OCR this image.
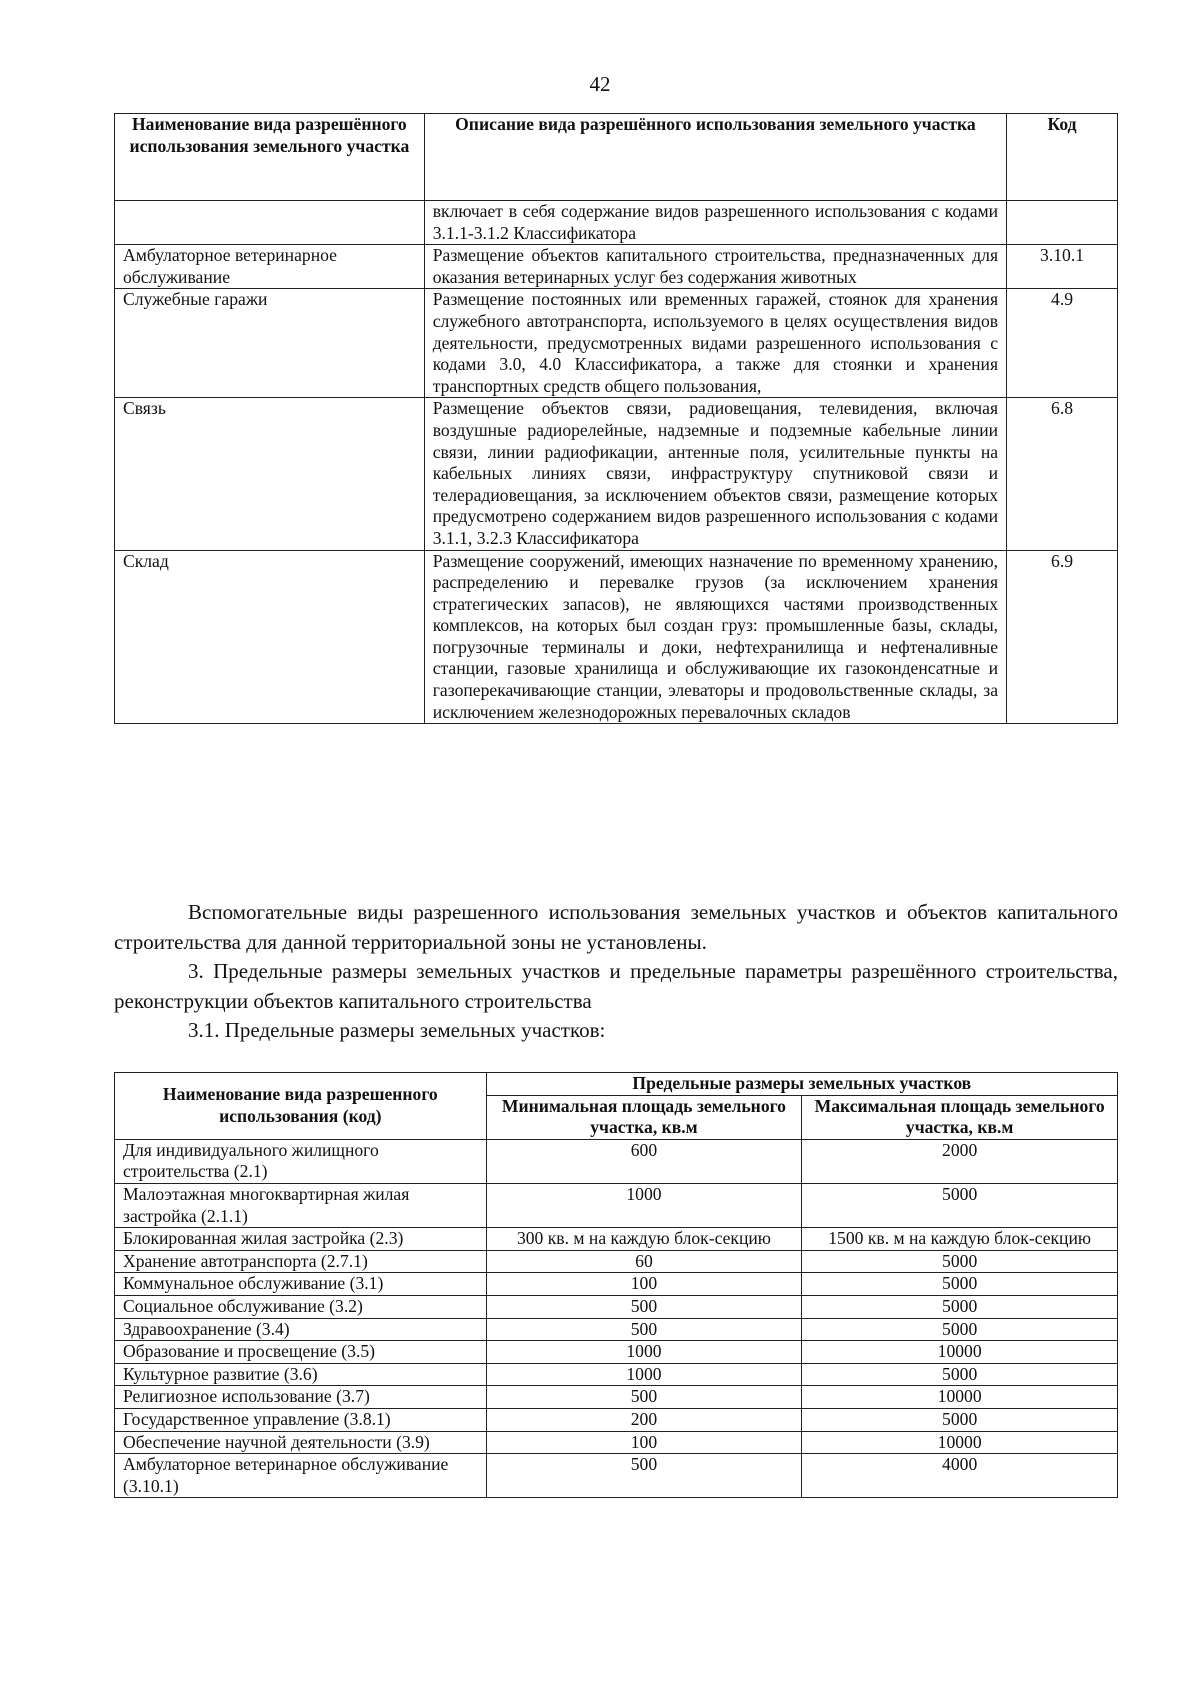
42
Наименование вида разрешённого использования земельного участка	Описание вида разрешённого использования земельного участка	Код
	включает в себя содержание видов разрешенного использования с кодами 3.1.1-3.1.2 Классификатора	
Амбулаторное ветеринарное обслуживание	Размещение объектов капитального строительства, предназначенных для оказания ветеринарных услуг без содержания животных	3.10.1
Служебные гаражи	Размещение постоянных или временных гаражей, стоянок для хранения служебного автотранспорта, используемого в целях осуществления видов деятельности, предусмотренных видами разрешенного использования с кодами 3.0, 4.0 Классификатора, а также для стоянки и хранения транспортных средств общего пользования,	4.9
Связь	Размещение объектов связи, радиовещания, телевидения, включая воздушные радиорелейные, надземные и подземные кабельные линии связи, линии радиофикации, антенные поля, усилительные пункты на кабельных линиях связи, инфраструктуру спутниковой связи и телерадиовещания, за исключением объектов связи, размещение которых предусмотрено содержанием видов разрешенного использования с кодами 3.1.1, 3.2.3 Классификатора	6.8
Склад	Размещение сооружений, имеющих назначение по временному хранению, распределению и перевалке грузов (за исключением хранения стратегических запасов), не являющихся частями производственных комплексов, на которых был создан груз: промышленные базы, склады, погрузочные терминалы и доки, нефтехранилища и нефтеналивные станции, газовые хранилища и обслуживающие их газоконденсатные и газоперекачивающие станции, элеваторы и продовольственные склады, за исключением железнодорожных перевалочных складов	6.9

Вспомогательные виды разрешенного использования земельных участков и объектов капитального строительства для данной территориальной зоны не установлены.

3. Предельные размеры земельных участков и предельные параметры разрешённого строительства, реконструкции объектов капитального строительства

3.1. Предельные размеры земельных участков:

Наименование вида разрешенного использования (код)	Предельные размеры земельных участков	
	Минимальная площадь земельного участка, кв.м	Максимальная площадь земельного участка, кв.м
Для индивидуального жилищного строительства (2.1)	600	2000
Малоэтажная многоквартирная жилая застройка (2.1.1)	1000	5000
Блокированная жилая застройка (2.3)	300 кв. м на каждую блок-секцию	1500 кв. м на каждую блок-секцию
Хранение автотранспорта (2.7.1)	60	5000
Коммунальное обслуживание (3.1)	100	5000
Социальное обслуживание (3.2)	500	5000
Здравоохранение (3.4)	500	5000
Образование и просвещение (3.5)	1000	10000
Культурное развитие (3.6)	1000	5000
Религиозное использование (3.7)	500	10000
Государственное управление (3.8.1)	200	5000
Обеспечение научной деятельности (3.9)	100	10000
Амбулаторное ветеринарное обслуживание (3.10.1)	500	4000
